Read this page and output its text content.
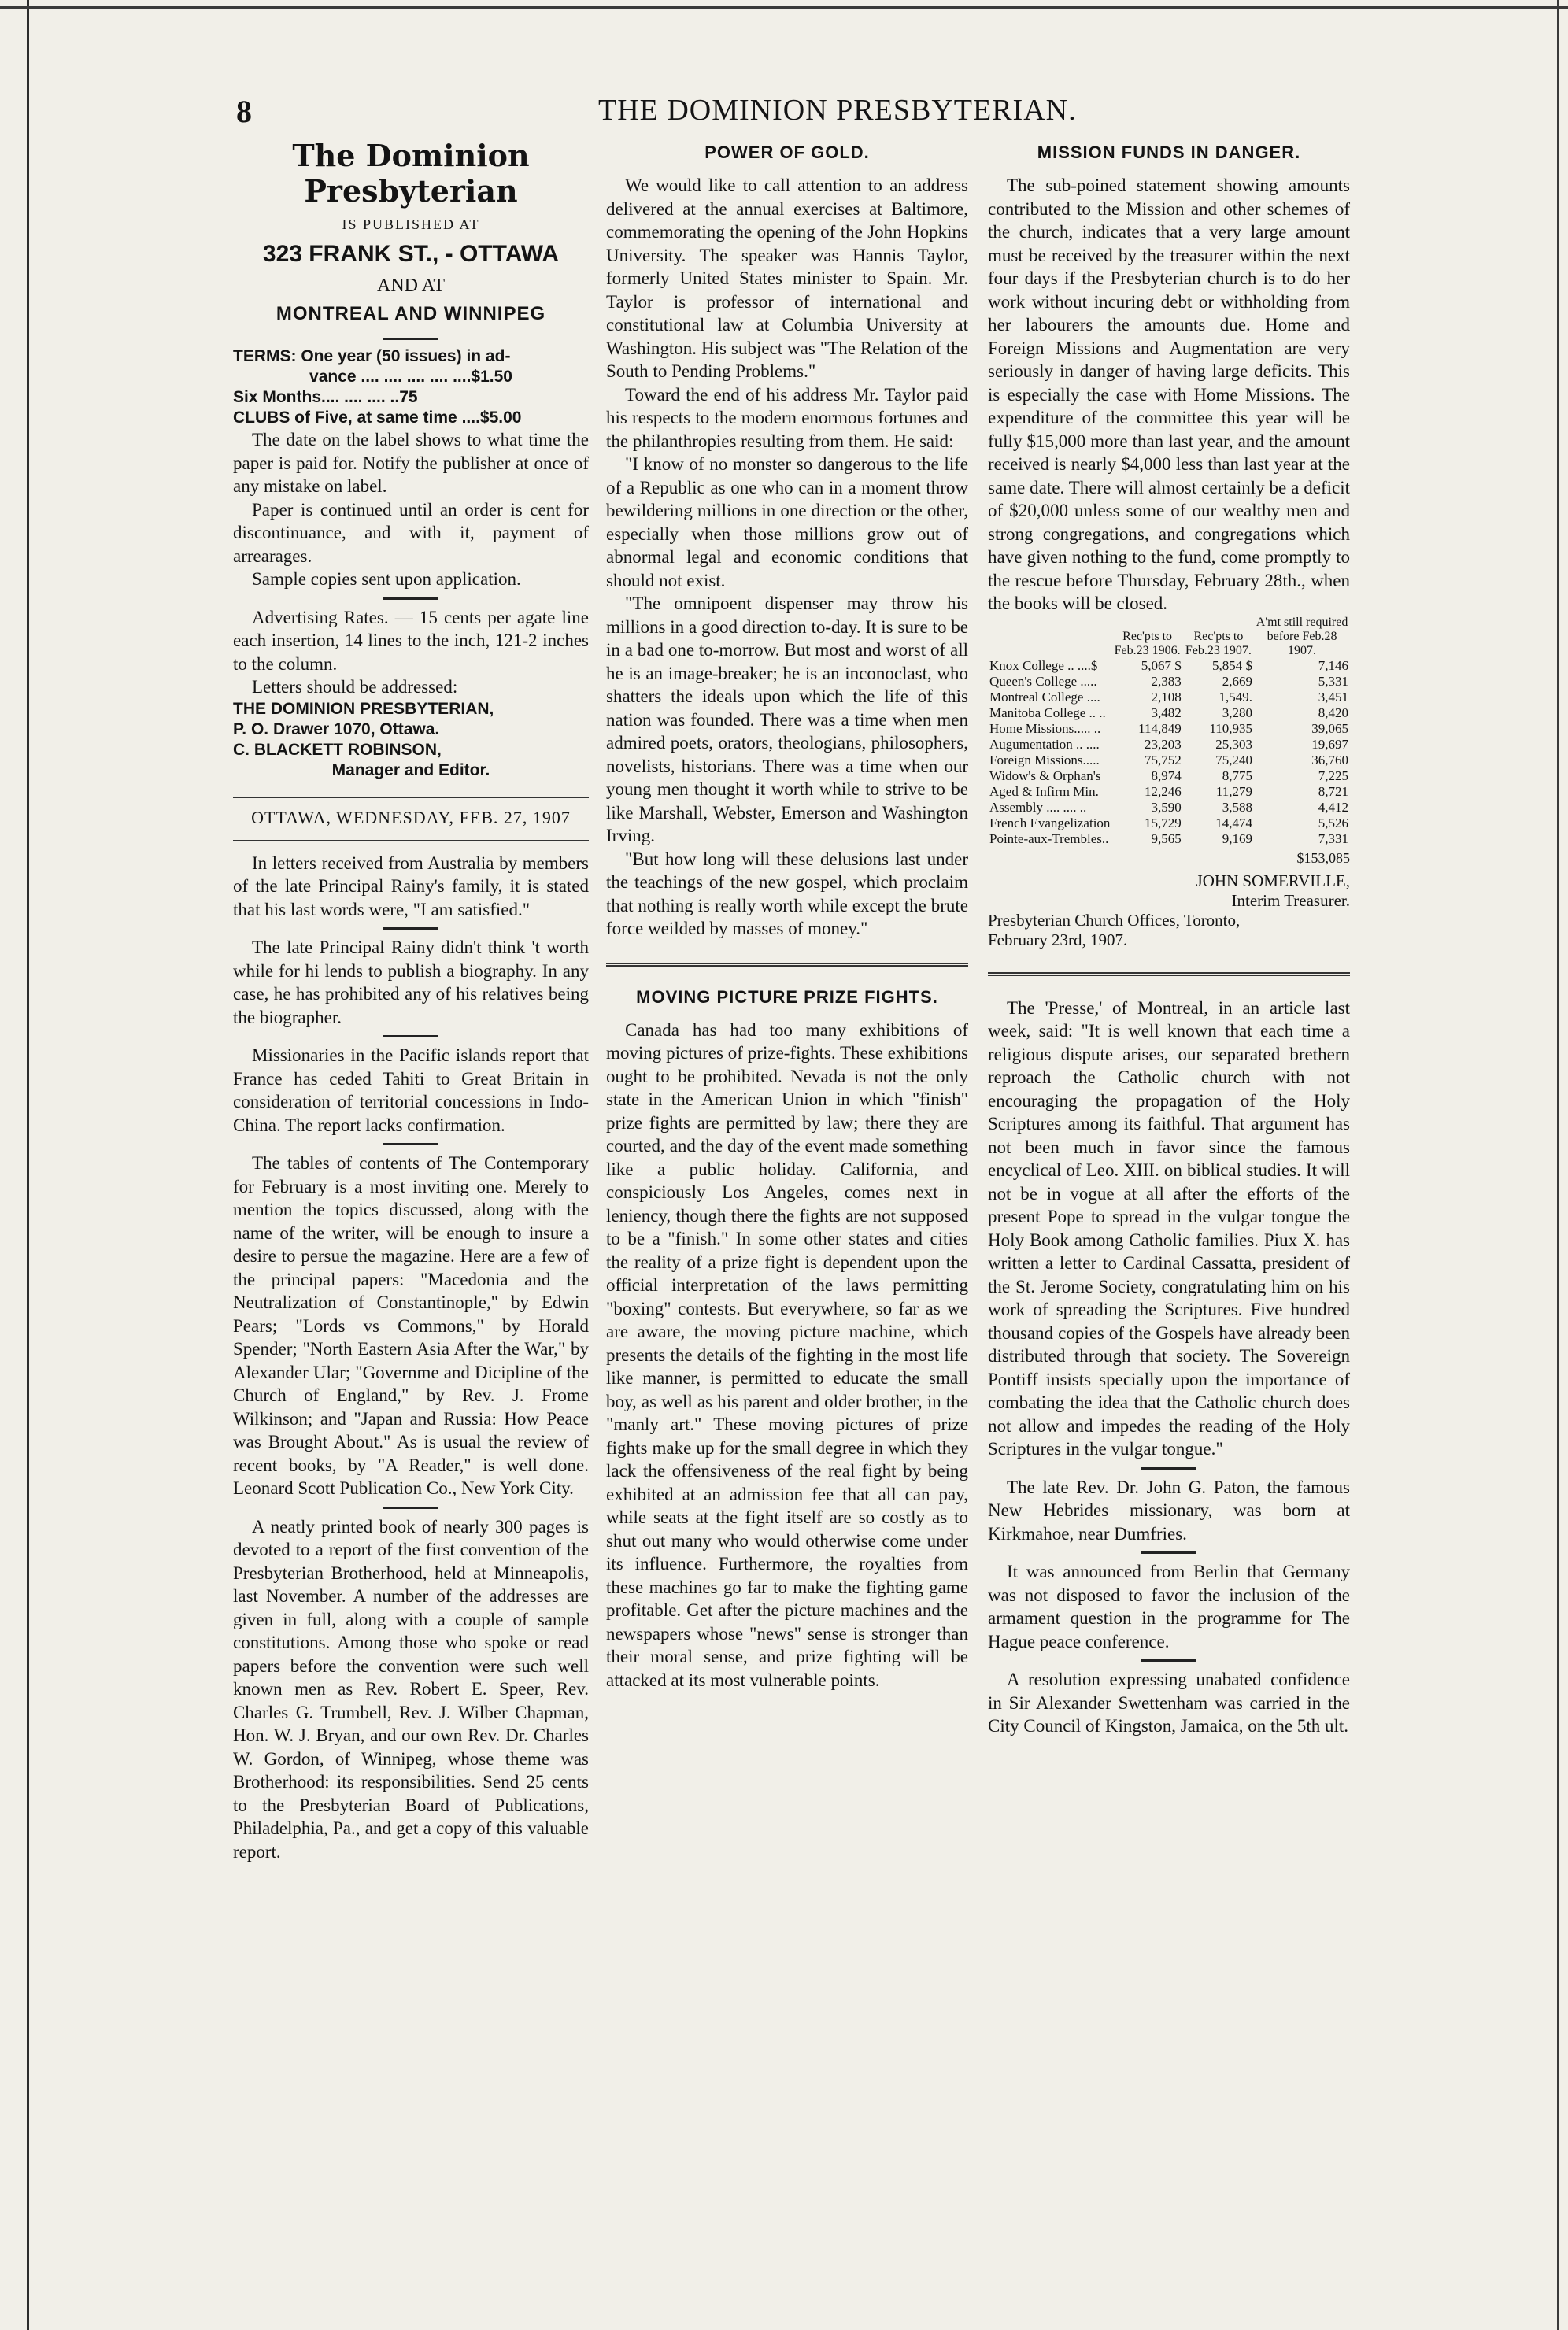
8	THE DOMINION PRESBYTERIAN.
The Dominion Presbyterian
IS PUBLISHED AT
323 FRANK ST., - OTTAWA
AND AT
MONTREAL AND WINNIPEG

TERMS: One year (50 issues) in ad-

vance .... .... .... .... ....$1.50

Six Months.... .... .... ..75

CLUBS of Five, at same time ....$5.00

The date on the label shows to what time the paper is paid for. Notify the publisher at once of any mistake on label.

Paper is continued until an order is cent for discontinuance, and with it, payment of arrearages.

Sample copies sent upon application.

Advertising Rates. — 15 cents per agate line each insertion, 14 lines to the inch, 121-2 inches to the column.

Letters should be addressed:

THE DOMINION PRESBYTERIAN,

P. O. Drawer 1070, Ottawa.

C. BLACKETT ROBINSON,

Manager and Editor.

OTTAWA, WEDNESDAY, FEB. 27, 1907

In letters received from Australia by members of the late Principal Rainy's family, it is stated that his last words were, "I am satisfied."

The late Principal Rainy didn't think 't worth while for hi lends to publish a biography. In any case, he has prohibited any of his relatives being the biographer.

Missionaries in the Pacific islands report that France has ceded Tahiti to Great Britain in consideration of territorial concessions in Indo-China. The report lacks confirmation.

The tables of contents of The Contemporary for February is a most inviting one. Merely to mention the topics discussed, along with the name of the writer, will be enough to insure a desire to persue the magazine. Here are a few of the principal papers: "Macedonia and the Neutralization of Constantinople," by Edwin Pears; "Lords vs Commons," by Horald Spender; "North Eastern Asia After the War," by Alexander Ular; "Governme and Dicipline of the Church of England," by Rev. J. Frome Wilkinson; and "Japan and Russia: How Peace was Brought About." As is usual the review of recent books, by "A Reader," is well done. Leonard Scott Publication Co., New York City.

A neatly printed book of nearly 300 pages is devoted to a report of the first convention of the Presbyterian Brotherhood, held at Minneapolis, last November. A number of the addresses are given in full, along with a couple of sample constitutions. Among those who spoke or read papers before the convention were such well known men as Rev. Robert E. Speer, Rev. Charles G. Trumbell, Rev. J. Wilber Chapman, Hon. W. J. Bryan, and our own Rev. Dr. Charles W. Gordon, of Winnipeg, whose theme was Brotherhood: its responsibilities. Send 25 cents to the Presbyterian Board of Publications, Philadelphia, Pa., and get a copy of this valuable report.

POWER OF GOLD.

We would like to call attention to an address delivered at the annual exercises at Baltimore, commemorating the opening of the John Hopkins University. The speaker was Hannis Taylor, formerly United States minister to Spain. Mr. Taylor is professor of international and constitutional law at Columbia University at Washington. His subject was "The Relation of the South to Pending Problems."

Toward the end of his address Mr. Taylor paid his respects to the modern enormous fortunes and the philanthropies resulting from them. He said:

"I know of no monster so dangerous to the life of a Republic as one who can in a moment throw bewildering millions in one direction or the other, especially when those millions grow out of abnormal legal and economic conditions that should not exist.

"The omnipoent dispenser may throw his millions in a good direction to-day. It is sure to be in a bad one to-morrow. But most and worst of all he is an image-breaker; he is an inconoclast, who shatters the ideals upon which the life of this nation was founded. There was a time when men admired poets, orators, theologians, philosophers, novelists, historians. There was a time when our young men thought it worth while to strive to be like Marshall, Webster, Emerson and Washington Irving.

"But how long will these delusions last under the teachings of the new gospel, which proclaim that nothing is really worth while except the brute force weilded by masses of money."

MOVING PICTURE PRIZE FIGHTS.

Canada has had too many exhibitions of moving pictures of prize-fights. These exhibitions ought to be prohibited. Nevada is not the only state in the American Union in which "finish" prize fights are permitted by law; there they are courted, and the day of the event made something like a public holiday. California, and conspiciously Los Angeles, comes next in leniency, though there the fights are not supposed to be a "finish." In some other states and cities the reality of a prize fight is dependent upon the official interpretation of the laws permitting "boxing" contests. But everywhere, so far as we are aware, the moving picture machine, which presents the details of the fighting in the most life like manner, is permitted to educate the small boy, as well as his parent and older brother, in the "manly art." These moving pictures of prize fights make up for the small degree in which they lack the offensiveness of the real fight by being exhibited at an admission fee that all can pay, while seats at the fight itself are so costly as to shut out many who would otherwise come under its influence. Furthermore, the royalties from these machines go far to make the fighting game profitable. Get after the picture machines and the newspapers whose "news" sense is stronger than their moral sense, and prize fighting will be attacked at its most vulnerable points.

MISSION FUNDS IN DANGER.

The sub-poined statement showing amounts contributed to the Mission and other schemes of the church, indicates that a very large amount must be received by the treasurer within the next four days if the Presbyterian church is to do her work without incuring debt or withholding from her labourers the amounts due. Home and Foreign Missions and Augmentation are very seriously in danger of having large deficits. This is especially the case with Home Missions. The expenditure of the committee this year will be fully $15,000 more than last year, and the amount received is nearly $4,000 less than last year at the same date. There will almost certainly be a deficit of $20,000 unless some of our wealthy men and strong congregations, and congregations which have given nothing to the fund, come promptly to the rescue before Thursday, February 28th., when the books will be closed.

	Rec'pts to Feb.23 1906.	Rec'pts to Feb.23 1907.	A'mt still required before Feb.28 1907.
Knox College .. ....$	5,067 $	5,854 $	7,146
Queen's College .....	2,383	2,669	5,331
Montreal College ....	2,108	1,549.	3,451
Manitoba College .. ..	3,482	3,280	8,420
Home Missions..... ..	114,849	110,935	39,065
Augumentation .. ....	23,203	25,303	19,697
Foreign Missions.....	75,752	75,240	36,760
Widow's & Orphan's	8,974	8,775	7,225
Aged & Infirm Min.	12,246	11,279	8,721
Assembly .... .... ..	3,590	3,588	4,412
French Evangelization	15,729	14,474	5,526
Pointe-aux-Trembles..	9,565	9,169	7,331
$153,085

JOHN SOMERVILLE,

Interim Treasurer.

Presbyterian Church Offices, Toronto,

February 23rd, 1907.

The 'Presse,' of Montreal, in an article last week, said: "It is well known that each time a religious dispute arises, our separated brethern reproach the Catholic church with not encouraging the propagation of the Holy Scriptures among its faithful. That argument has not been much in favor since the famous encyclical of Leo. XIII. on biblical studies. It will not be in vogue at all after the efforts of the present Pope to spread in the vulgar tongue the Holy Book among Catholic families. Piux X. has written a letter to Cardinal Cassatta, president of the St. Jerome Society, congratulating him on his work of spreading the Scriptures. Five hundred thousand copies of the Gospels have already been distributed through that society. The Sovereign Pontiff insists specially upon the importance of combating the idea that the Catholic church does not allow and impedes the reading of the Holy Scriptures in the vulgar tongue."

The late Rev. Dr. John G. Paton, the famous New Hebrides missionary, was born at Kirkmahoe, near Dumfries.

It was announced from Berlin that Germany was not disposed to favor the inclusion of the armament question in the programme for The Hague peace conference.

A resolution expressing unabated confidence in Sir Alexander Swettenham was carried in the City Council of Kingston, Jamaica, on the 5th ult.
